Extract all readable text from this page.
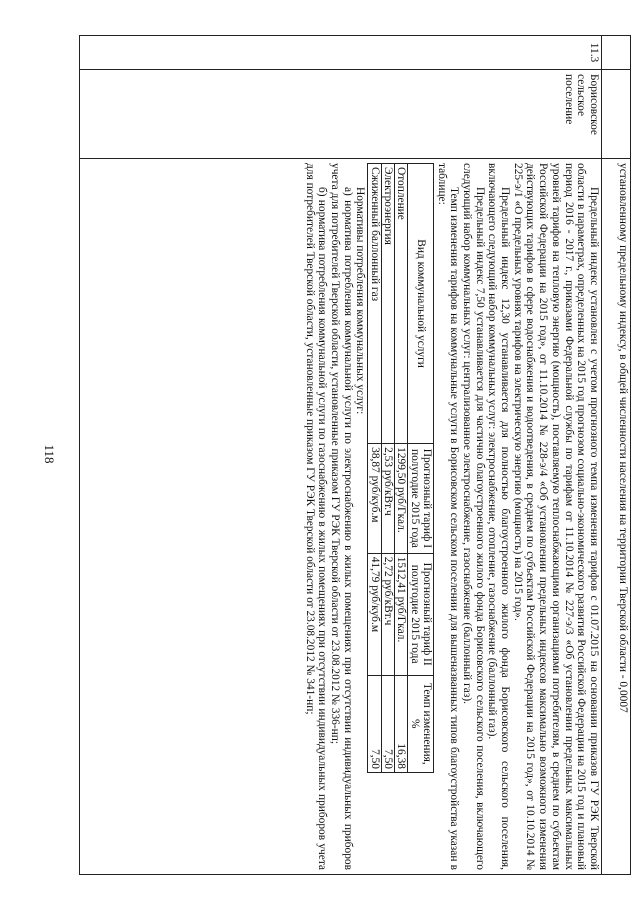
118
			установленному предельному индексу, в общей численности населения на территории Тверской области - 0,0007

11.3	Борисовское сельское поселение	

Предельный индекс установлен с учетом прогнозного темпа изменения тарифов с 01.07.2015 на основании приказов ГУ РЭК Тверской области в параметрах, определенных на 2015 год прогнозом социально-экономического развития Российской Федерации на 2015 год и плановый период 2016 - 2017 г., приказами Федеральной службы по тарифам от 11.10.2014 № 227-э/3 «Об установлении предельных максимальных уровней тарифов на тепловую энергию (мощность), поставляемую теплоснабжающими организациями потребителям, в среднем по субъектам Российской Федерации на 2015 год», от 11.10.2014 № 228-э/4 «Об установлении предельных индексов максимально возможного изменения действующих тарифов в сфере водоснабжения и водоотведения, в среднем по субъектам Российской Федерации на 2015 год», от 10.10.2014 № 225-э/1 «О предельных уровнях тарифов на электрическую энергию (мощность) на 2015 год».

Предельный индекс 12,30 устанавливается для полностью благоустроенного жилого фонда Борисовского сельского поселения, включающего следующий набор коммунальных услуг: электроснабжение, отопление, газоснабжение (баллонный газ).

Предельный индекс 7,50 устанавливается для частично благоустроенного жилого фонда Борисовского сельского поселения, включающего следующий набор коммунальных услуг: централизованное электроснабжение, газоснабжение (баллонный газ).

Темп изменения тарифов на коммунальные услуги в Борисовском сельском поселении для вышеназванных типов благоустройства указан в таблице:

Вид коммунальной услуги	Прогнозный тариф I полугодие 2015 года	Прогнозный тариф II полугодие 2015 года	Темп изменения, %
Отопление	1299,50 руб/Гкал.	1512,41 руб/Гкал.	16,38
Электроэнергия	2,53 руб/кВт.ч	2,72 руб/кВт.ч	7,50
Сжиженный баллонный газ	38,87 руб/куб.м	41,79 руб/куб.м	7,50

Нормативы потребления коммунальных услуг:

а) норматива потребления коммунальной услуги по электроснабжению в жилых помещениях при отсутствии индивидуальных приборов учета для потребителей Тверской области, установленные приказом ГУ РЭК Тверской области от 23.08.2012 № 336-нп;

б) норматива потребления коммунальной услуги по газоснабжению в жилых помещениях при отсутствии индивидуальных приборов учета для потребителей Тверской области, установленные приказом ГУ РЭК Тверской области от 23.08.2012 № 341-нп;
